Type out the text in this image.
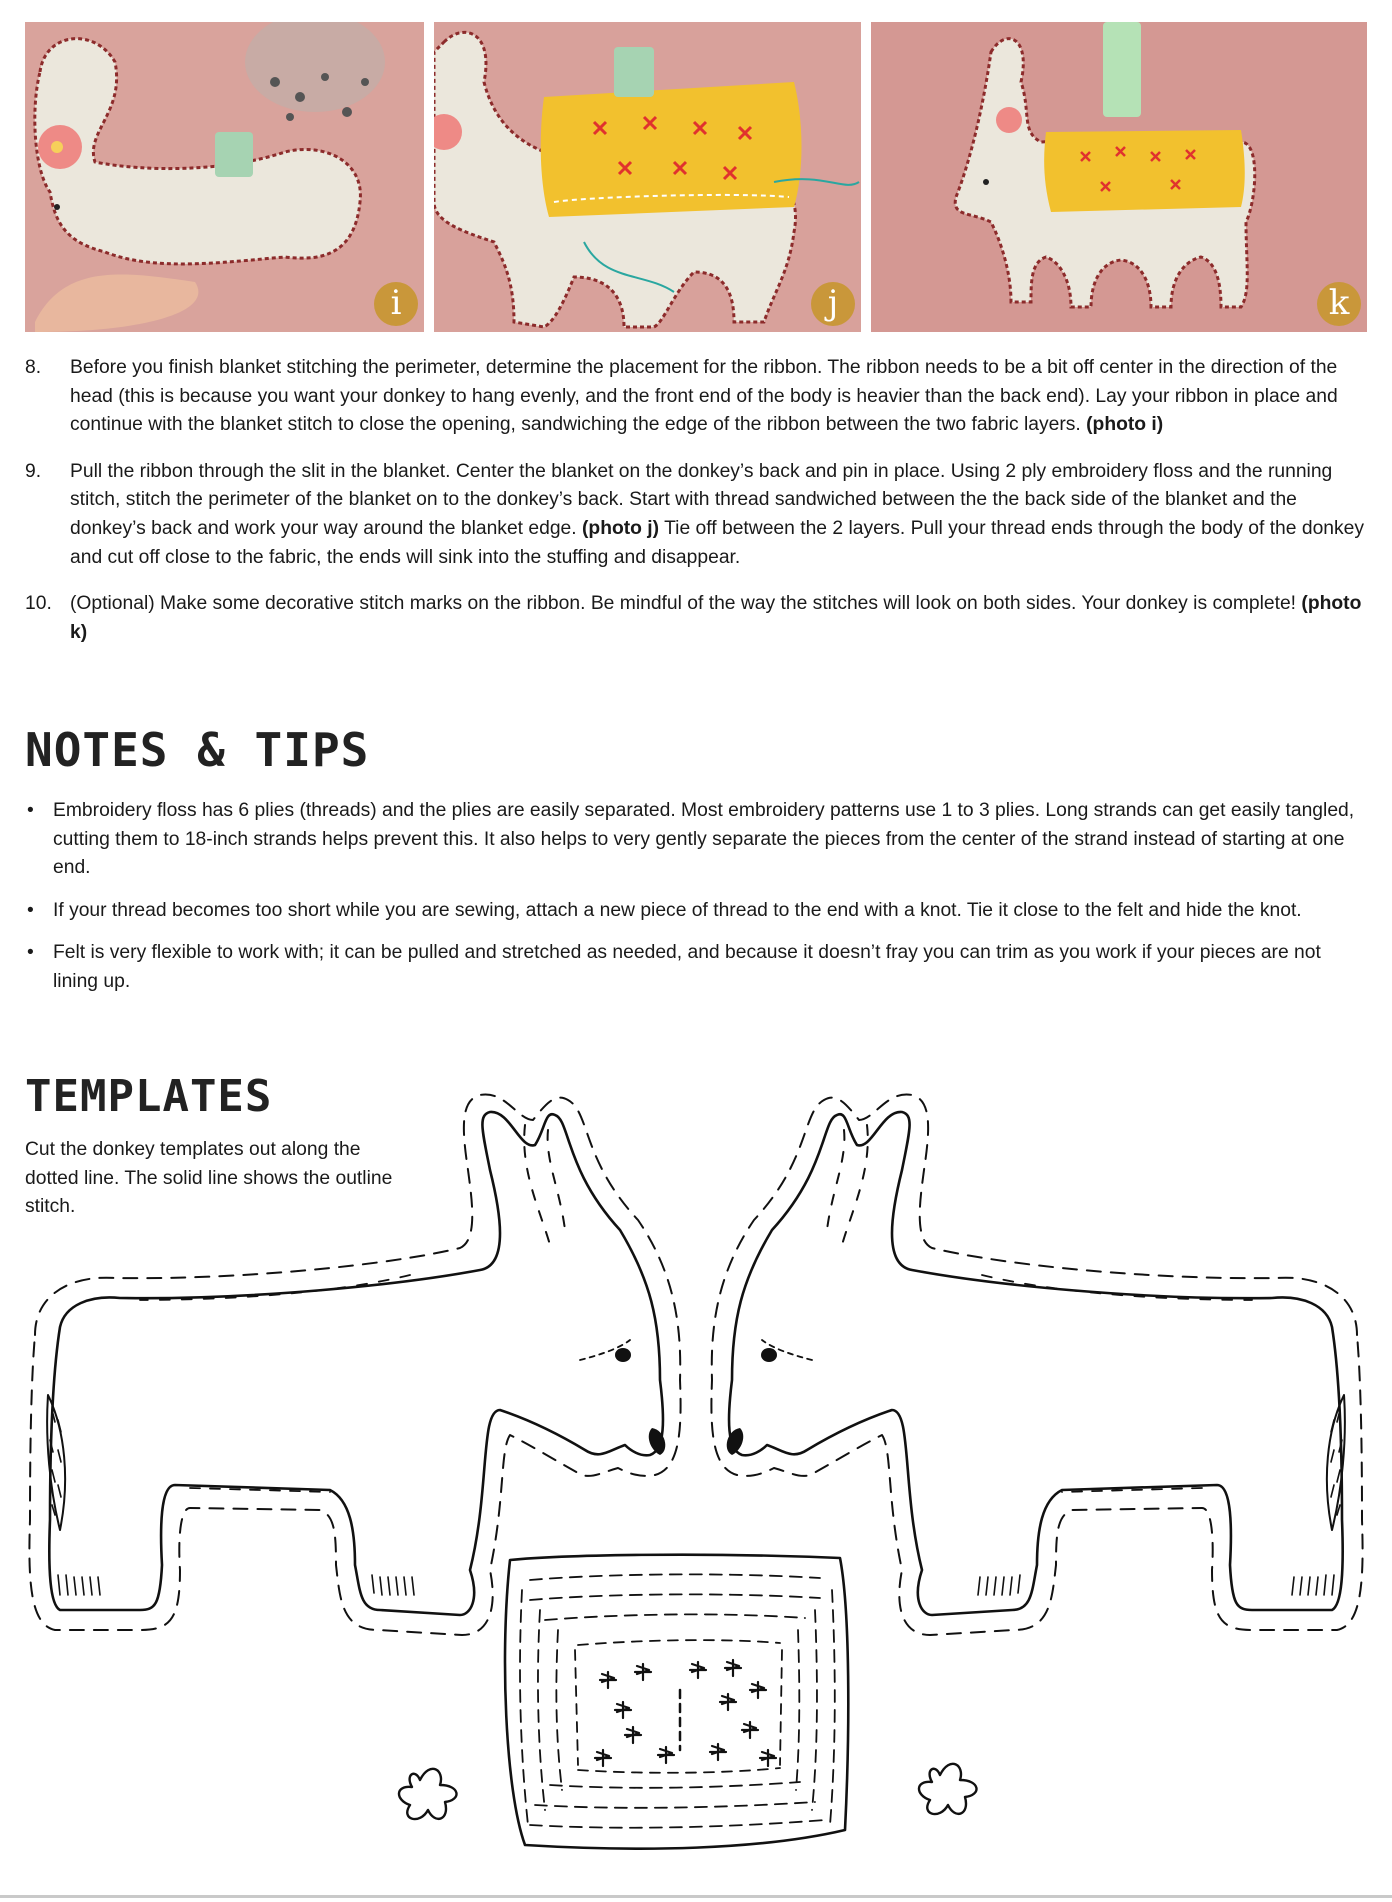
i	j	k
8. Before you finish blanket stitching the perimeter, determine the placement for the ribbon. The ribbon needs to be a bit off center in the direction of the head (this is because you want your donkey to hang evenly, and the front end of the body is heavier than the back end). Lay your ribbon in place and continue with the blanket stitch to close the opening, sandwiching the edge of the ribbon between the two fabric layers. (photo i)
9. Pull the ribbon through the slit in the blanket. Center the blanket on the donkey’s back and pin in place. Using 2 ply embroidery floss and the running stitch, stitch the perimeter of the blanket on to the donkey’s back. Start with thread sandwiched between the the back side of the blanket and the donkey’s back and work your way around the blanket edge. (photo j) Tie off between the 2 layers. Pull your thread ends through the body of the donkey and cut off close to the fabric, the ends will sink into the stuffing and disappear.
10. (Optional) Make some decorative stitch marks on the ribbon. Be mindful of the way the stitches will look on both sides. Your donkey is complete! (photo k)
NOTES & TIPS
• Embroidery floss has 6 plies (threads) and the plies are easily separated. Most embroidery patterns use 1 to 3 plies. Long strands can get easily tangled, cutting them to 18-inch strands helps prevent this. It also helps to very gently separate the pieces from the center of the strand instead of starting at one end.
• If your thread becomes too short while you are sewing, attach a new piece of thread to the end with a knot. Tie it close to the felt and hide the knot.
• Felt is very flexible to work with; it can be pulled and stretched as needed, and because it doesn’t fray you can trim as you work if your pieces are not lining up.
TEMPLATES
Cut the donkey templates out along the dotted line. The solid line shows the outline stitch.
